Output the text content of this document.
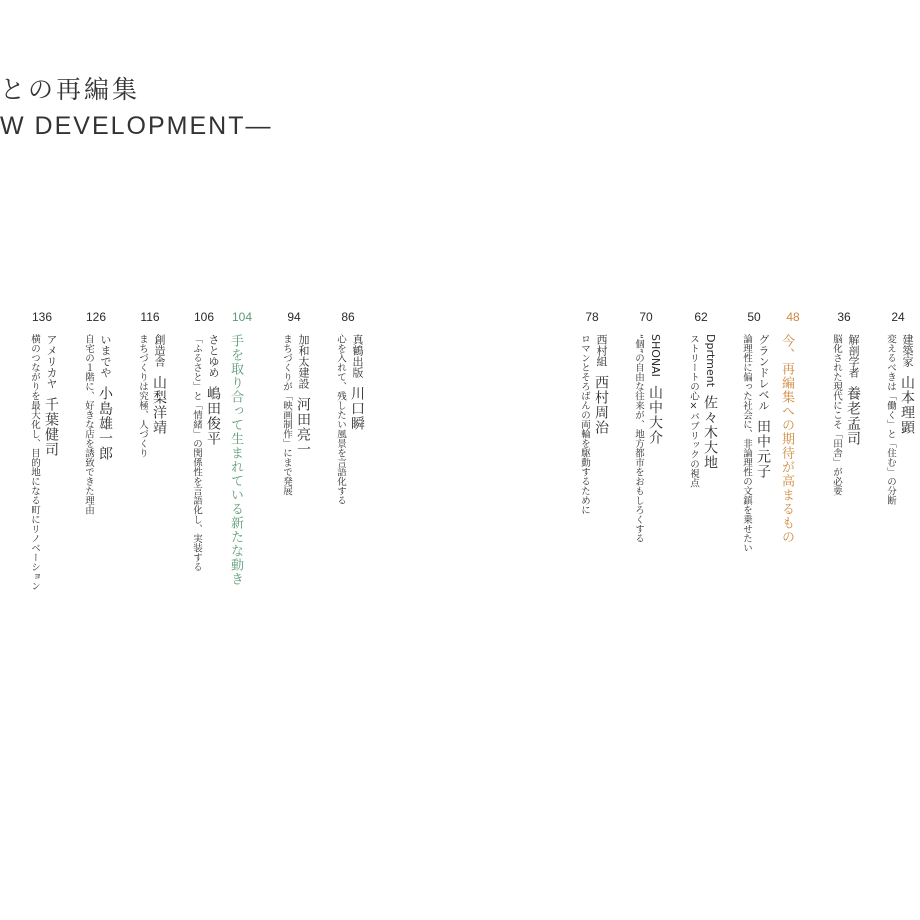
との再編集
W DEVELOPMENT—
24
建築家山本理顕
変えるべきは「働く」と「住む」の分断
36
解剖学者養老孟司
脳化された現代にこそ「田舎」が必要
48
今、再編集への期待が高まるもの
50
グランドレベル田中元子
論理性に偏った社会に、非論理性の文鎮を乗せたい
62
Dprtment佐々木大地
ストリートの心×パブリックの視点
70
SHONAI山中大介
“個”の自由な往来が、地方都市をおもしろくする
78
西村組西村周治
ロマンとそろばんの両輪を駆動するために
86
真鶴出版川口瞬
心を入れて、残したい風景を言語化する
94
加和太建設河田亮一
まちづくりが「映画制作」にまで発展
104
手を取り合って生まれている新たな動き
106
さとゆめ嶋田俊平
「ふるさと」と「情緒」の関係性を言語化し、実装する
116
創造舎山梨洋靖
まちづくりは究極、人づくり
126
いまでや小島雄一郎
自宅の１階に、好きな店を誘致できた理由
136
アメリカヤ千葉健司
横のつながりを最大化し、目的地になる町にリノベーション
